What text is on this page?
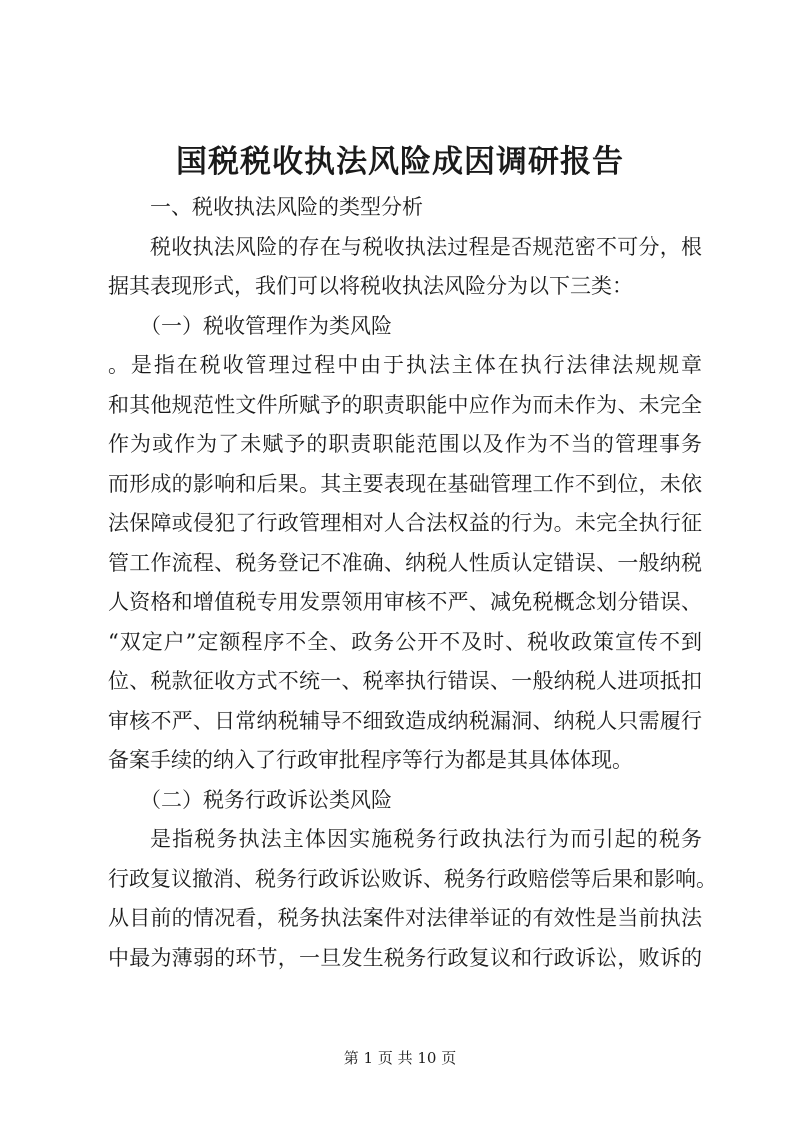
国税税收执法风险成因调研报告

一、税收执法风险的类型分析

税收执法风险的存在与税收执法过程是否规范密不可分，根

据其表现形式，我们可以将税收执法风险分为以下三类：

（一）税收管理作为类风险

。是指在税收管理过程中由于执法主体在执行法律法规规章

和其他规范性文件所赋予的职责职能中应作为而未作为、未完全

作为或作为了未赋予的职责职能范围以及作为不当的管理事务

而形成的影响和后果。其主要表现在基础管理工作不到位，未依

法保障或侵犯了行政管理相对人合法权益的行为。未完全执行征

管工作流程、税务登记不准确、纳税人性质认定错误、一般纳税

人资格和增值税专用发票领用审核不严、减免税概念划分错误、

“双定户”定额程序不全、政务公开不及时、税收政策宣传不到

位、税款征收方式不统一、税率执行错误、一般纳税人进项抵扣

审核不严、日常纳税辅导不细致造成纳税漏洞、纳税人只需履行

备案手续的纳入了行政审批程序等行为都是其具体体现。

（二）税务行政诉讼类风险

是指税务执法主体因实施税务行政执法行为而引起的税务

行政复议撤消、税务行政诉讼败诉、税务行政赔偿等后果和影响。

从目前的情况看，税务执法案件对法律举证的有效性是当前执法

中最为薄弱的环节，一旦发生税务行政复议和行政诉讼，败诉的

第 1 页 共 10 页
